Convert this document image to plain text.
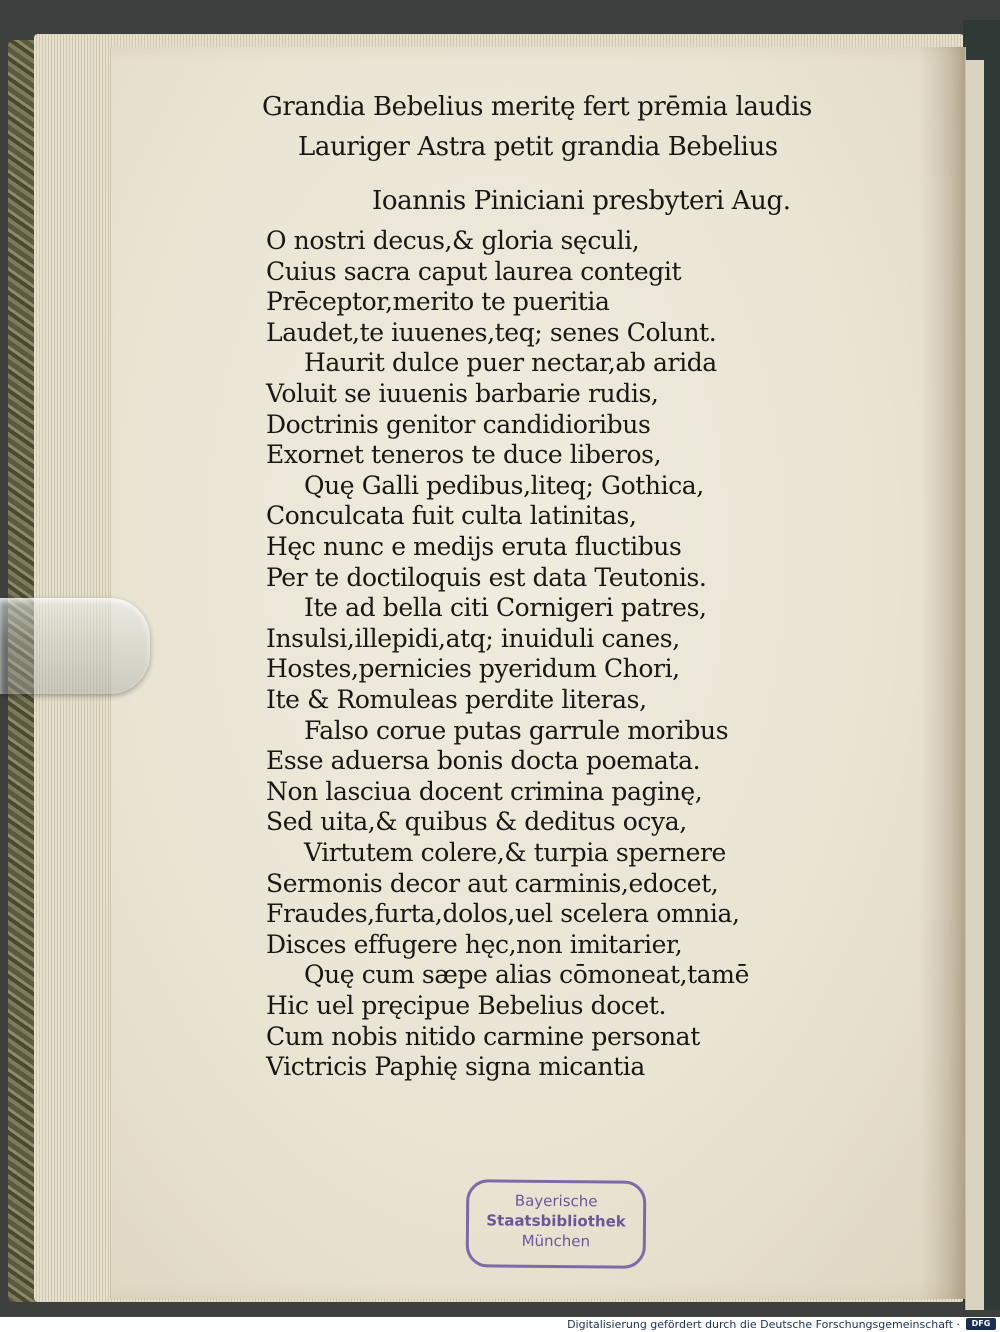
Grandia Bebelius meritę fert prēmia laudis
Lauriger Astra petit grandia Bebelius
Ioannis Piniciani presbyteri Aug.
O nostri decus,& gloria sęculi,
Cuius sacra caput laurea contegit
Prēceptor,merito te pueritia
Laudet,te iuuenes,teq; senes Colunt.
Haurit dulce puer nectar,ab arida
Voluit se iuuenis barbarie rudis,
Doctrinis genitor candidioribus
Exornet teneros te duce liberos,
Quę Galli pedibus,liteq; Gothica,
Conculcata fuit culta latinitas,
Hęc nunc e medijs eruta fluctibus
Per te doctiloquis est data Teutonis.
Ite ad bella citi Cornigeri patres,
Insulsi,illepidi,atq; inuiduli canes,
Hostes,pernicies pyeridum Chori,
Ite & Romuleas perdite literas,
Falso corue putas garrule moribus
Esse aduersa bonis docta poemata.
Non lasciua docent crimina paginę,
Sed uita,& quibus & deditus ocya,
Virtutem colere,& turpia spernere
Sermonis decor aut carminis,edocet,
Fraudes,furta,dolos,uel scelera omnia,
Disces effugere hęc,non imitarier,
Quę cum sæpe alias cōmoneat,tamē
Hic uel pręcipue Bebelius docet.
Cum nobis nitido carmine personat
Victricis Paphię signa micantia
Bayerische
Staatsbibliothek
München
Digitalisierung gefördert durch die Deutsche Forschungsgemeinschaft ·	DFG
